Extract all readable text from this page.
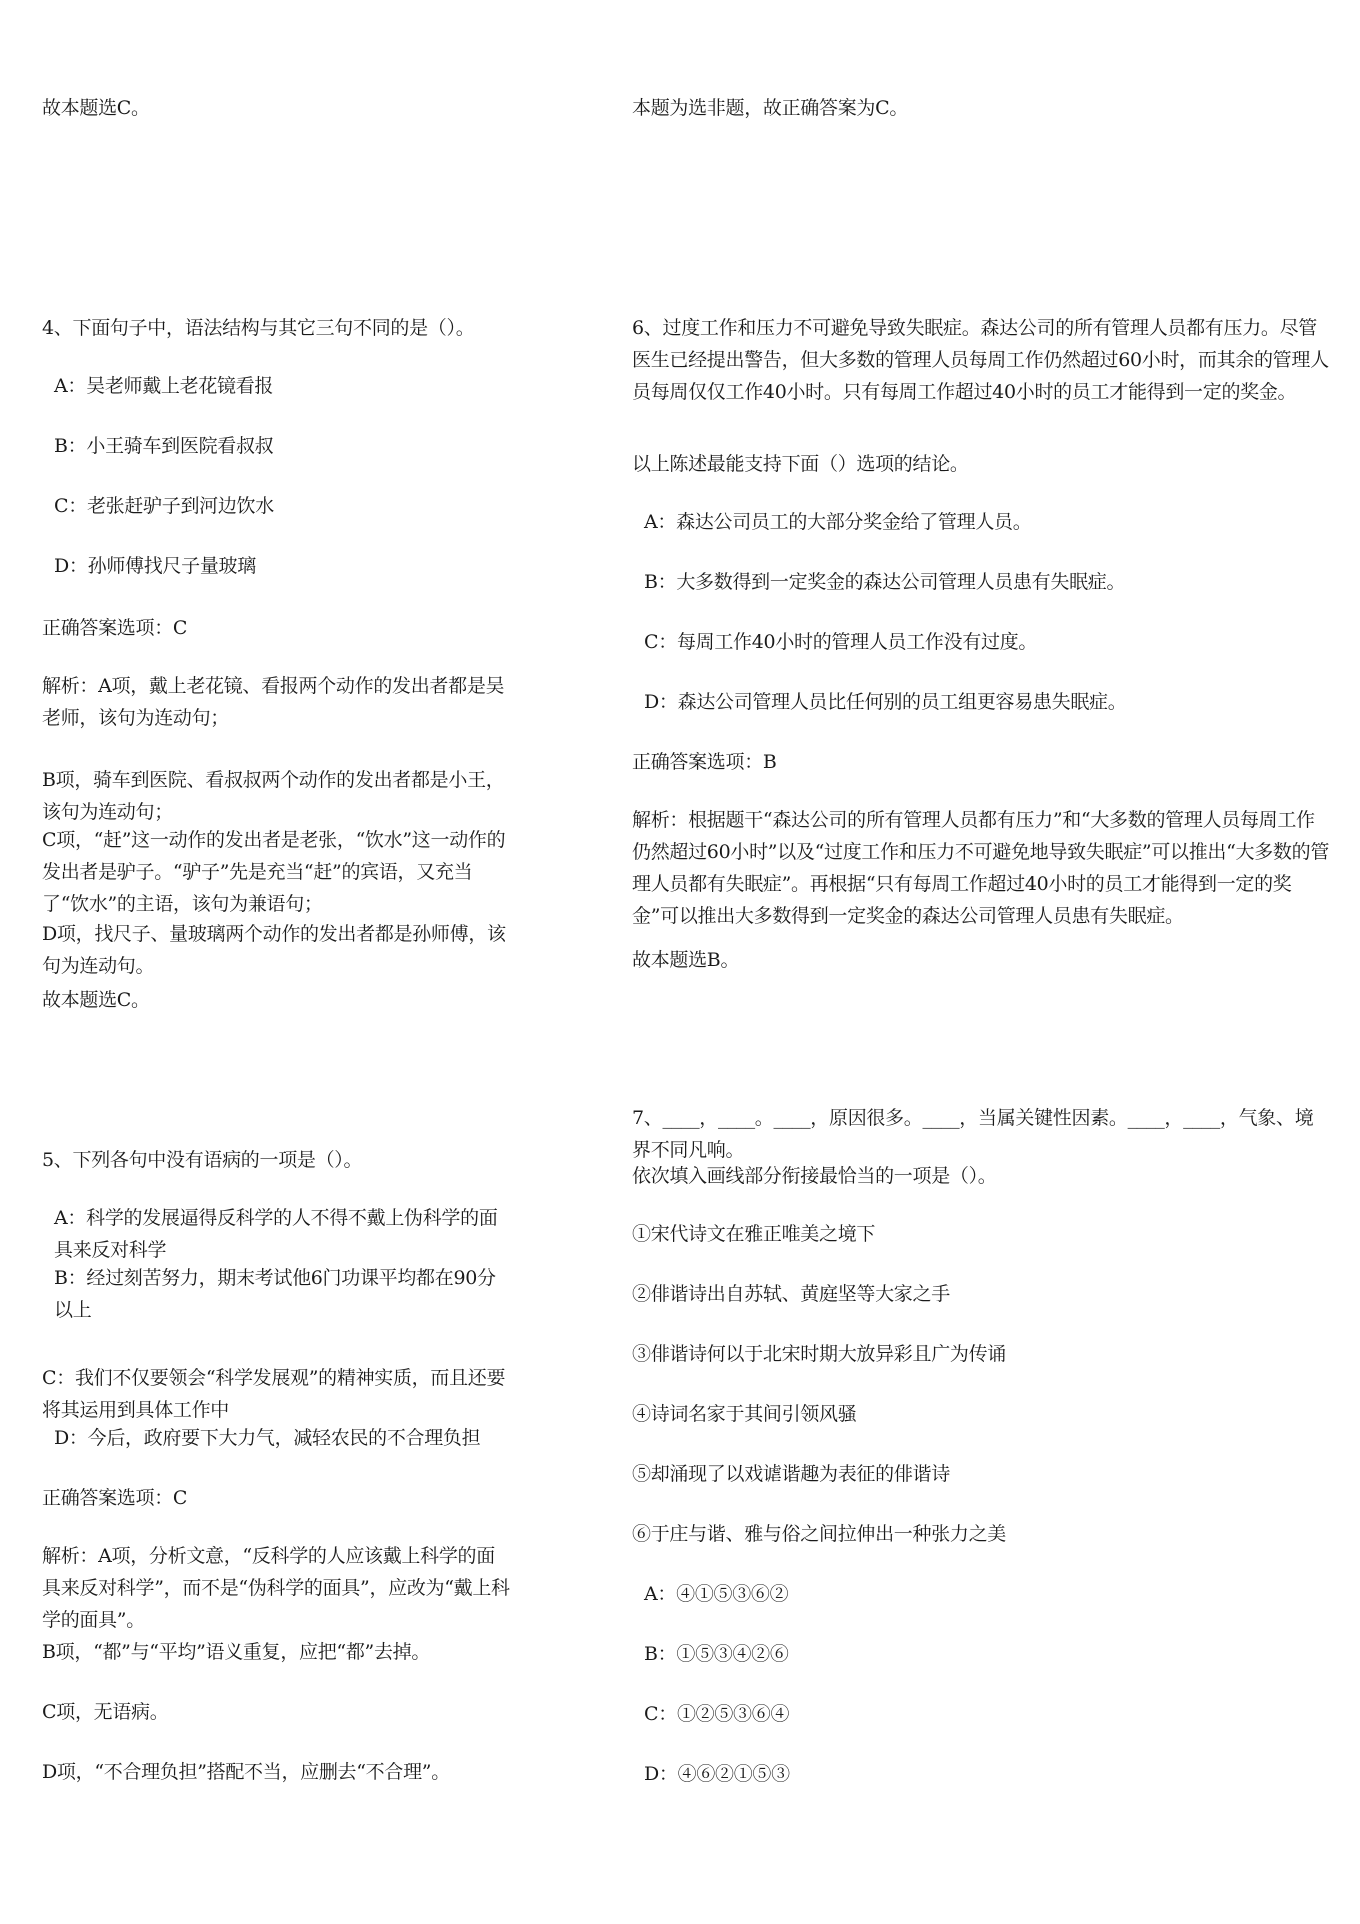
故本题选C。
4、下面句子中，语法结构与其它三句不同的是（）。
A：吴老师戴上老花镜看报
B：小王骑车到医院看叔叔
C：老张赶驴子到河边饮水
D：孙师傅找尺子量玻璃
正确答案选项：C
解析：A项，戴上老花镜、看报两个动作的发出者都是吴老师，该句为连动句；
B项，骑车到医院、看叔叔两个动作的发出者都是小王，该句为连动句；
C项，“赶”这一动作的发出者是老张，“饮水”这一动作的发出者是驴子。“驴子”先是充当“赶”的宾语，又充当了“饮水”的主语，该句为兼语句；
D项，找尺子、量玻璃两个动作的发出者都是孙师傅，该句为连动句。
故本题选C。
5、下列各句中没有语病的一项是（）。
A：科学的发展逼得反科学的人不得不戴上伪科学的面具来反对科学
B：经过刻苦努力，期末考试他6门功课平均都在90分以上
C：我们不仅要领会“科学发展观”的精神实质，而且还要将其运用到具体工作中
D：今后，政府要下大力气，减轻农民的不合理负担
正确答案选项：C
解析：A项，分析文意，“反科学的人应该戴上科学的面具来反对科学”，而不是“伪科学的面具”，应改为“戴上科学的面具”。
B项，“都”与“平均”语义重复，应把“都”去掉。
C项，无语病。
D项，“不合理负担”搭配不当，应删去“不合理”。
本题为选非题，故正确答案为C。
6、过度工作和压力不可避免导致失眠症。森达公司的所有管理人员都有压力。尽管医生已经提出警告，但大多数的管理人员每周工作仍然超过60小时，而其余的管理人员每周仅仅工作40小时。只有每周工作超过40小时的员工才能得到一定的奖金。
以上陈述最能支持下面（）选项的结论。
A：森达公司员工的大部分奖金给了管理人员。
B：大多数得到一定奖金的森达公司管理人员患有失眠症。
C：每周工作40小时的管理人员工作没有过度。
D：森达公司管理人员比任何别的员工组更容易患失眠症。
正确答案选项：B
解析：根据题干“森达公司的所有管理人员都有压力”和“大多数的管理人员每周工作仍然超过60小时”以及“过度工作和压力不可避免地导致失眠症”可以推出“大多数的管理人员都有失眠症”。再根据“只有每周工作超过40小时的员工才能得到一定的奖金”可以推出大多数得到一定奖金的森达公司管理人员患有失眠症。
故本题选B。
7、____，____。____，原因很多。____，当属关键性因素。____，____，气象、境界不同凡响。
依次填入画线部分衔接最恰当的一项是（）。
①宋代诗文在雅正唯美之境下
②俳谐诗出自苏轼、黄庭坚等大家之手
③俳谐诗何以于北宋时期大放异彩且广为传诵
④诗词名家于其间引领风骚
⑤却涌现了以戏谑谐趣为表征的俳谐诗
⑥于庄与谐、雅与俗之间拉伸出一种张力之美
A：④①⑤③⑥②
B：①⑤③④②⑥
C：①②⑤③⑥④
D：④⑥②①⑤③
